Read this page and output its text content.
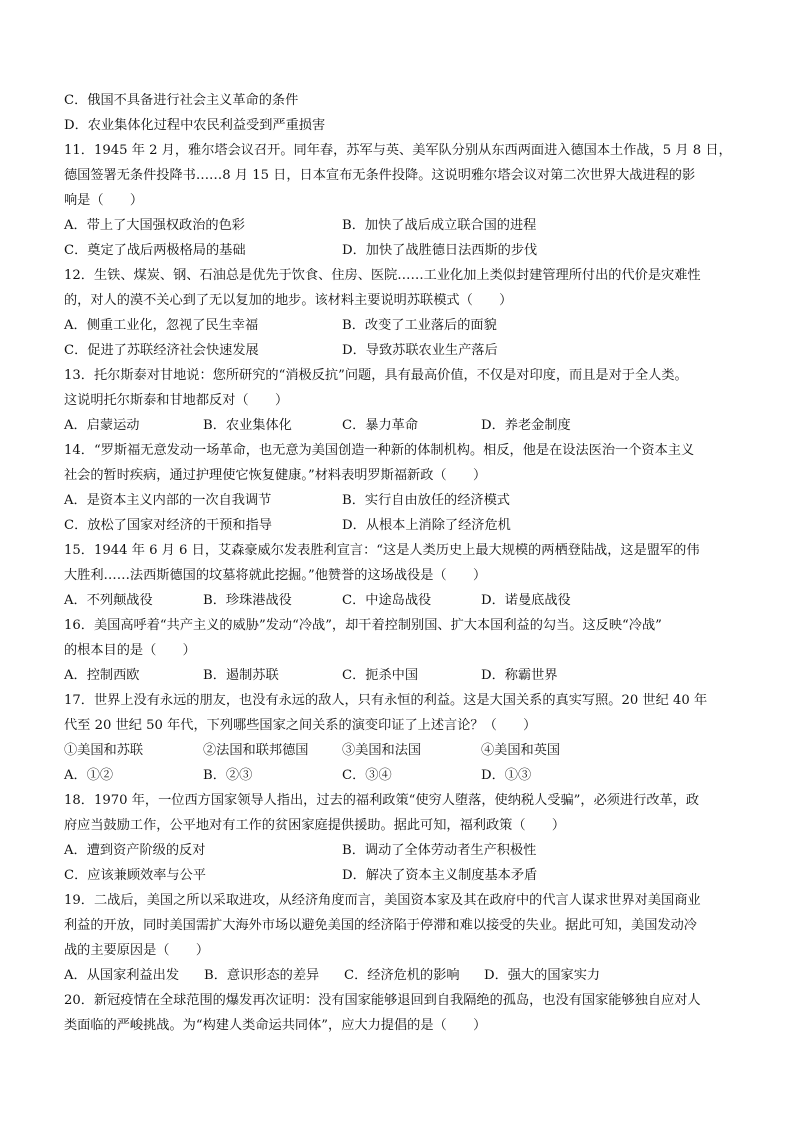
C．俄国不具备进行社会主义革命的条件
D．农业集体化过程中农民利益受到严重损害
11．1945 年 2 月，雅尔塔会议召开。同年春，苏军与英、美军队分别从东西两面进入德国本土作战，5 月 8 日，
德国签署无条件投降书……8 月 15 日，日本宣布无条件投降。这说明雅尔塔会议对第二次世界大战进程的影
响是（　　）
A．带上了大国强权政治的色彩	B．加快了战后成立联合国的进程
C．奠定了战后两极格局的基础	D．加快了战胜德日法西斯的步伐
12．生铁、煤炭、钢、石油总是优先于饮食、住房、医院……工业化加上类似封建管理所付出的代价是灾难性
的，对人的漠不关心到了无以复加的地步。该材料主要说明苏联模式（　　）
A．侧重工业化，忽视了民生幸福	B．改变了工业落后的面貌
C．促进了苏联经济社会快速发展	D．导致苏联农业生产落后
13．托尔斯泰对甘地说：您所研究的“消极反抗”问题，具有最高价值，不仅是对印度，而且是对于全人类。
这说明托尔斯泰和甘地都反对（　　）
A．启蒙运动	B．农业集体化	C．暴力革命	D．养老金制度
14．“罗斯福无意发动一场革命，也无意为美国创造一种新的体制机构。相反，他是在设法医治一个资本主义
社会的暂时疾病，通过护理使它恢复健康。”材料表明罗斯福新政（　　）
A．是资本主义内部的一次自我调节	B．实行自由放任的经济模式
C．放松了国家对经济的干预和指导	D．从根本上消除了经济危机
15．1944 年 6 月 6 日，艾森豪威尔发表胜利宣言：“这是人类历史上最大规模的两栖登陆战，这是盟军的伟
大胜利……法西斯德国的坟墓将就此挖掘。”他赞誉的这场战役是（　　）
A．不列颠战役	B．珍珠港战役	C．中途岛战役	D．诺曼底战役
16．美国高呼着“共产主义的威胁”发动“冷战”，却干着控制别国、扩大本国利益的勾当。这反映“冷战”
的根本目的是（　　）
A．控制西欧	B．遏制苏联	C．扼杀中国	D．称霸世界
17．世界上没有永远的朋友，也没有永远的敌人，只有永恒的利益。这是大国关系的真实写照。20 世纪 40 年
代至 20 世纪 50 年代，下列哪些国家之间关系的演变印证了上述言论？（　　）
①美国和苏联	②法国和联邦德国	③美国和法国	④美国和英国
A．①②	B．②③	C．③④	D．①③
18．1970 年，一位西方国家领导人指出，过去的福利政策“使穷人堕落，使纳税人受骗”，必须进行改革，政
府应当鼓励工作，公平地对有工作的贫困家庭提供援助。据此可知，福利政策（　　）
A．遭到资产阶级的反对	B．调动了全体劳动者生产积极性
C．应该兼顾效率与公平	D．解决了资本主义制度基本矛盾
19．二战后，美国之所以采取进攻，从经济角度而言，美国资本家及其在政府中的代言人谋求世界对美国商业
利益的开放，同时美国需扩大海外市场以避免美国的经济陷于停滞和难以接受的失业。据此可知，美国发动冷
战的主要原因是（　　）
A．从国家利益出发	B．意识形态的差异	C．经济危机的影响	D．强大的国家实力
20．新冠疫情在全球范围的爆发再次证明：没有国家能够退回到自我隔绝的孤岛，也没有国家能够独自应对人
类面临的严峻挑战。为“构建人类命运共同体”，应大力提倡的是（　　）
